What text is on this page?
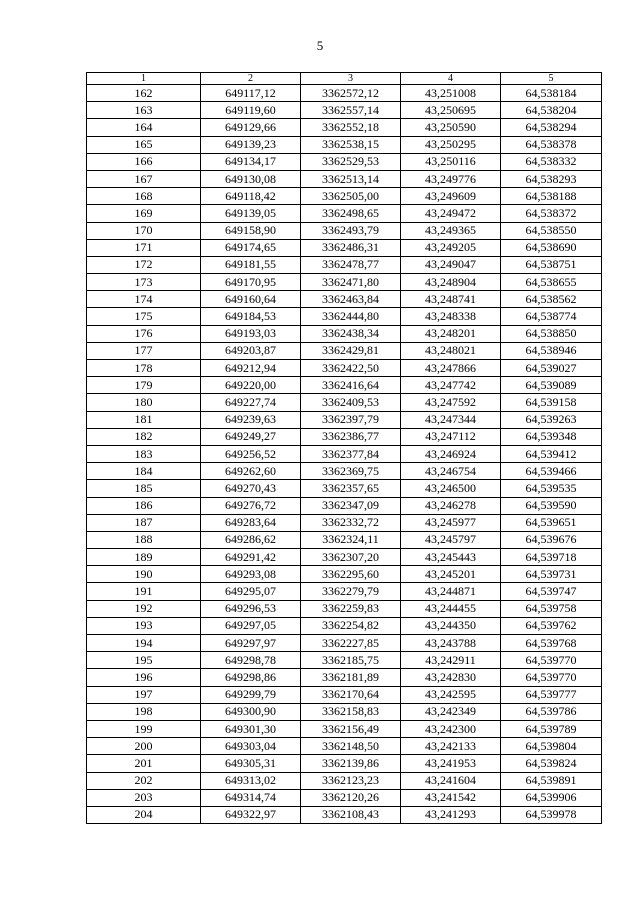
5
1	2	3	4	5
162	649117,12	3362572,12	43,251008	64,538184
163	649119,60	3362557,14	43,250695	64,538204
164	649129,66	3362552,18	43,250590	64,538294
165	649139,23	3362538,15	43,250295	64,538378
166	649134,17	3362529,53	43,250116	64,538332
167	649130,08	3362513,14	43,249776	64,538293
168	649118,42	3362505,00	43,249609	64,538188
169	649139,05	3362498,65	43,249472	64,538372
170	649158,90	3362493,79	43,249365	64,538550
171	649174,65	3362486,31	43,249205	64,538690
172	649181,55	3362478,77	43,249047	64,538751
173	649170,95	3362471,80	43,248904	64,538655
174	649160,64	3362463,84	43,248741	64,538562
175	649184,53	3362444,80	43,248338	64,538774
176	649193,03	3362438,34	43,248201	64,538850
177	649203,87	3362429,81	43,248021	64,538946
178	649212,94	3362422,50	43,247866	64,539027
179	649220,00	3362416,64	43,247742	64,539089
180	649227,74	3362409,53	43,247592	64,539158
181	649239,63	3362397,79	43,247344	64,539263
182	649249,27	3362386,77	43,247112	64,539348
183	649256,52	3362377,84	43,246924	64,539412
184	649262,60	3362369,75	43,246754	64,539466
185	649270,43	3362357,65	43,246500	64,539535
186	649276,72	3362347,09	43,246278	64,539590
187	649283,64	3362332,72	43,245977	64,539651
188	649286,62	3362324,11	43,245797	64,539676
189	649291,42	3362307,20	43,245443	64,539718
190	649293,08	3362295,60	43,245201	64,539731
191	649295,07	3362279,79	43,244871	64,539747
192	649296,53	3362259,83	43,244455	64,539758
193	649297,05	3362254,82	43,244350	64,539762
194	649297,97	3362227,85	43,243788	64,539768
195	649298,78	3362185,75	43,242911	64,539770
196	649298,86	3362181,89	43,242830	64,539770
197	649299,79	3362170,64	43,242595	64,539777
198	649300,90	3362158,83	43,242349	64,539786
199	649301,30	3362156,49	43,242300	64,539789
200	649303,04	3362148,50	43,242133	64,539804
201	649305,31	3362139,86	43,241953	64,539824
202	649313,02	3362123,23	43,241604	64,539891
203	649314,74	3362120,26	43,241542	64,539906
204	649322,97	3362108,43	43,241293	64,539978
